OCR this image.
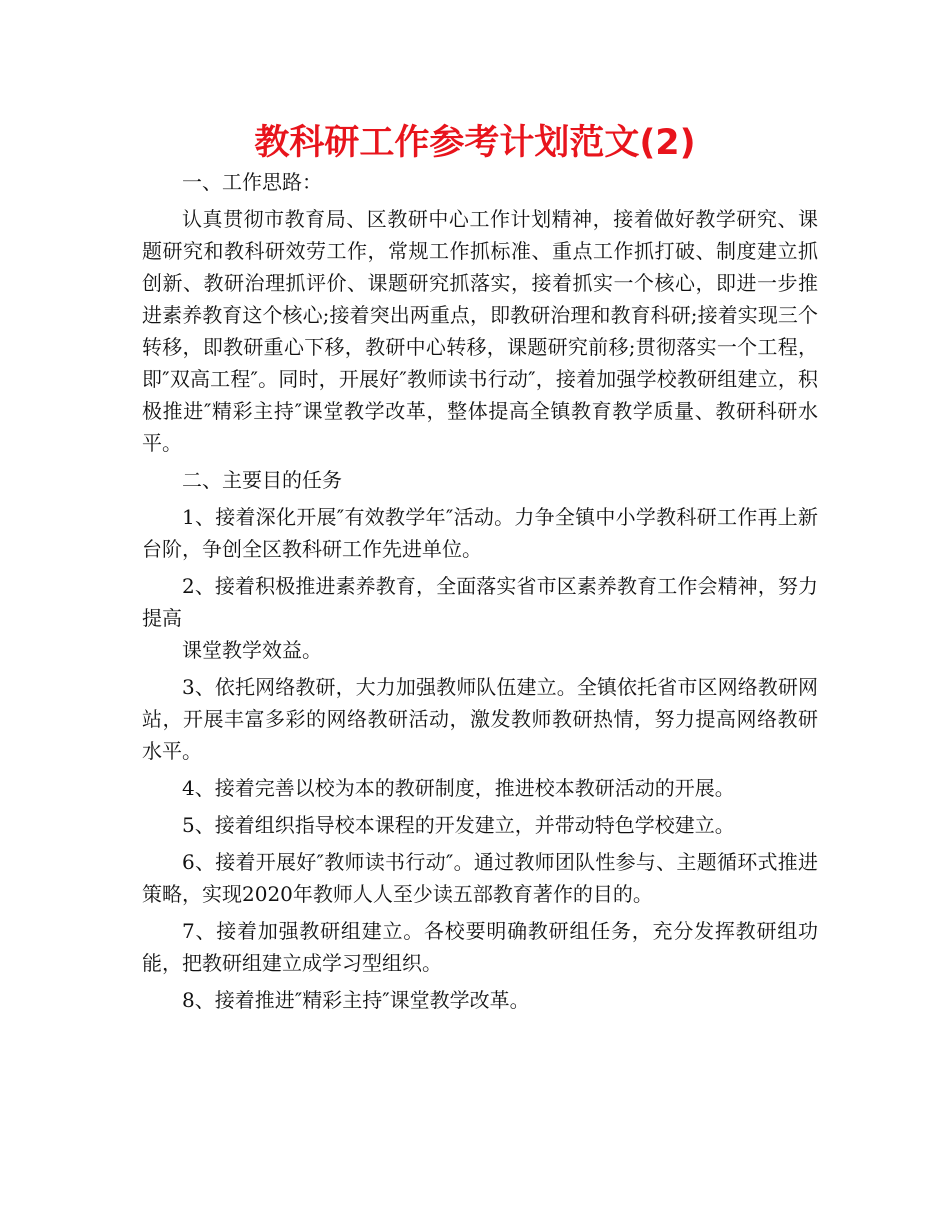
教科研工作参考计划范文(2)

一、工作思路：

认真贯彻市教育局、区教研中心工作计划精神，接着做好教学研究、课题研究和教科研效劳工作，常规工作抓标准、重点工作抓打破、制度建立抓创新、教研治理抓评价、课题研究抓落实，接着抓实一个核心，即进一步推进素养教育这个核心;接着突出两重点，即教研治理和教育科研;接着实现三个转移，即教研重心下移，教研中心转移，课题研究前移;贯彻落实一个工程，即″双高工程″。同时，开展好″教师读书行动″，接着加强学校教研组建立，积极推进″精彩主持″课堂教学改革，整体提高全镇教育教学质量、教研科研水平。

二、主要目的任务

1、接着深化开展″有效教学年″活动。力争全镇中小学教科研工作再上新台阶，争创全区教科研工作先进单位。

2、接着积极推进素养教育，全面落实省市区素养教育工作会精神，努力提高

课堂教学效益。

3、依托网络教研，大力加强教师队伍建立。全镇依托省市区网络教研网站，开展丰富多彩的网络教研活动，激发教师教研热情，努力提高网络教研水平。

4、接着完善以校为本的教研制度，推进校本教研活动的开展。

5、接着组织指导校本课程的开发建立，并带动特色学校建立。

6、接着开展好″教师读书行动″。通过教师团队性参与、主题循环式推进策略，实现2020年教师人人至少读五部教育著作的目的。

7、接着加强教研组建立。各校要明确教研组任务，充分发挥教研组功能，把教研组建立成学习型组织。

8、接着推进″精彩主持″课堂教学改革。
